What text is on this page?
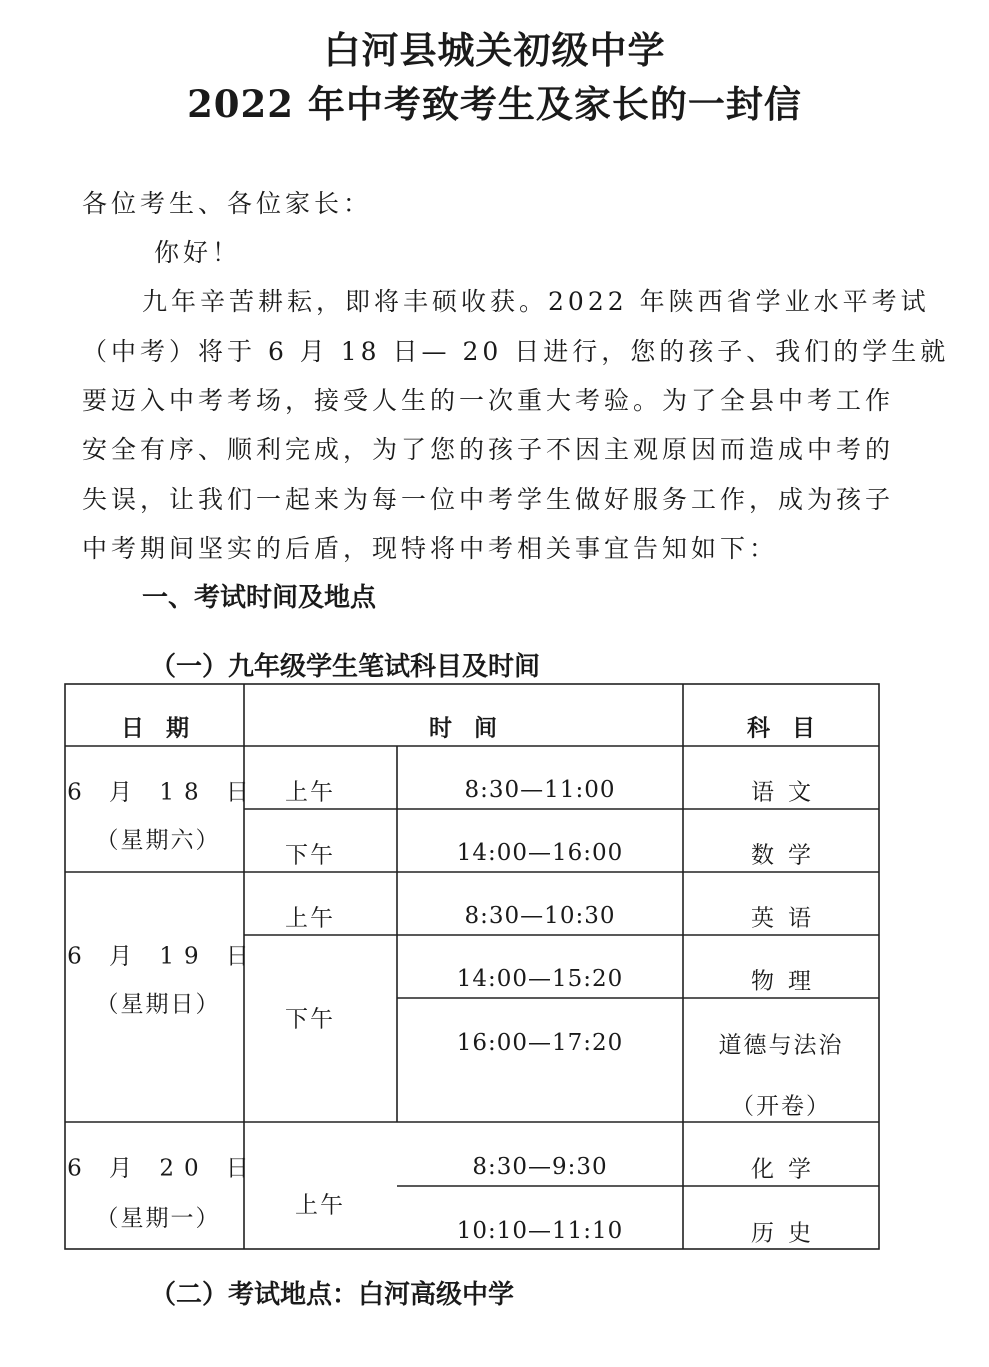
白河县城关初级中学
2022 年中考致考生及家长的一封信
各位考生、各位家长：
你好！
九年辛苦耕耘，即将丰硕收获。2022 年陕西省学业水平考试
（中考）将于 6 月 18 日— 20 日进行，您的孩子、我们的学生就
要迈入中考考场，接受人生的一次重大考验。为了全县中考工作
安全有序、顺利完成，为了您的孩子不因主观原因而造成中考的
失误，让我们一起来为每一位中考学生做好服务工作，成为孩子
中考期间坚实的后盾，现特将中考相关事宜告知如下：
一、考试时间及地点
（一）九年级学生笔试科目及时间
日期	时间	科目
6 月 18 日
（星期六）
6 月 19 日
（星期日）
6 月 20 日
（星期一）
上午
下午
上午
下午
上午
8:30—11:00
14:00—16:00
8:30—10:30
14:00—15:20
16:00—17:20
8:30—9:30
10:10—11:10
语文
数学
英语
物理
道德与法治
（开卷）
化学
历史
（二）考试地点：白河高级中学
